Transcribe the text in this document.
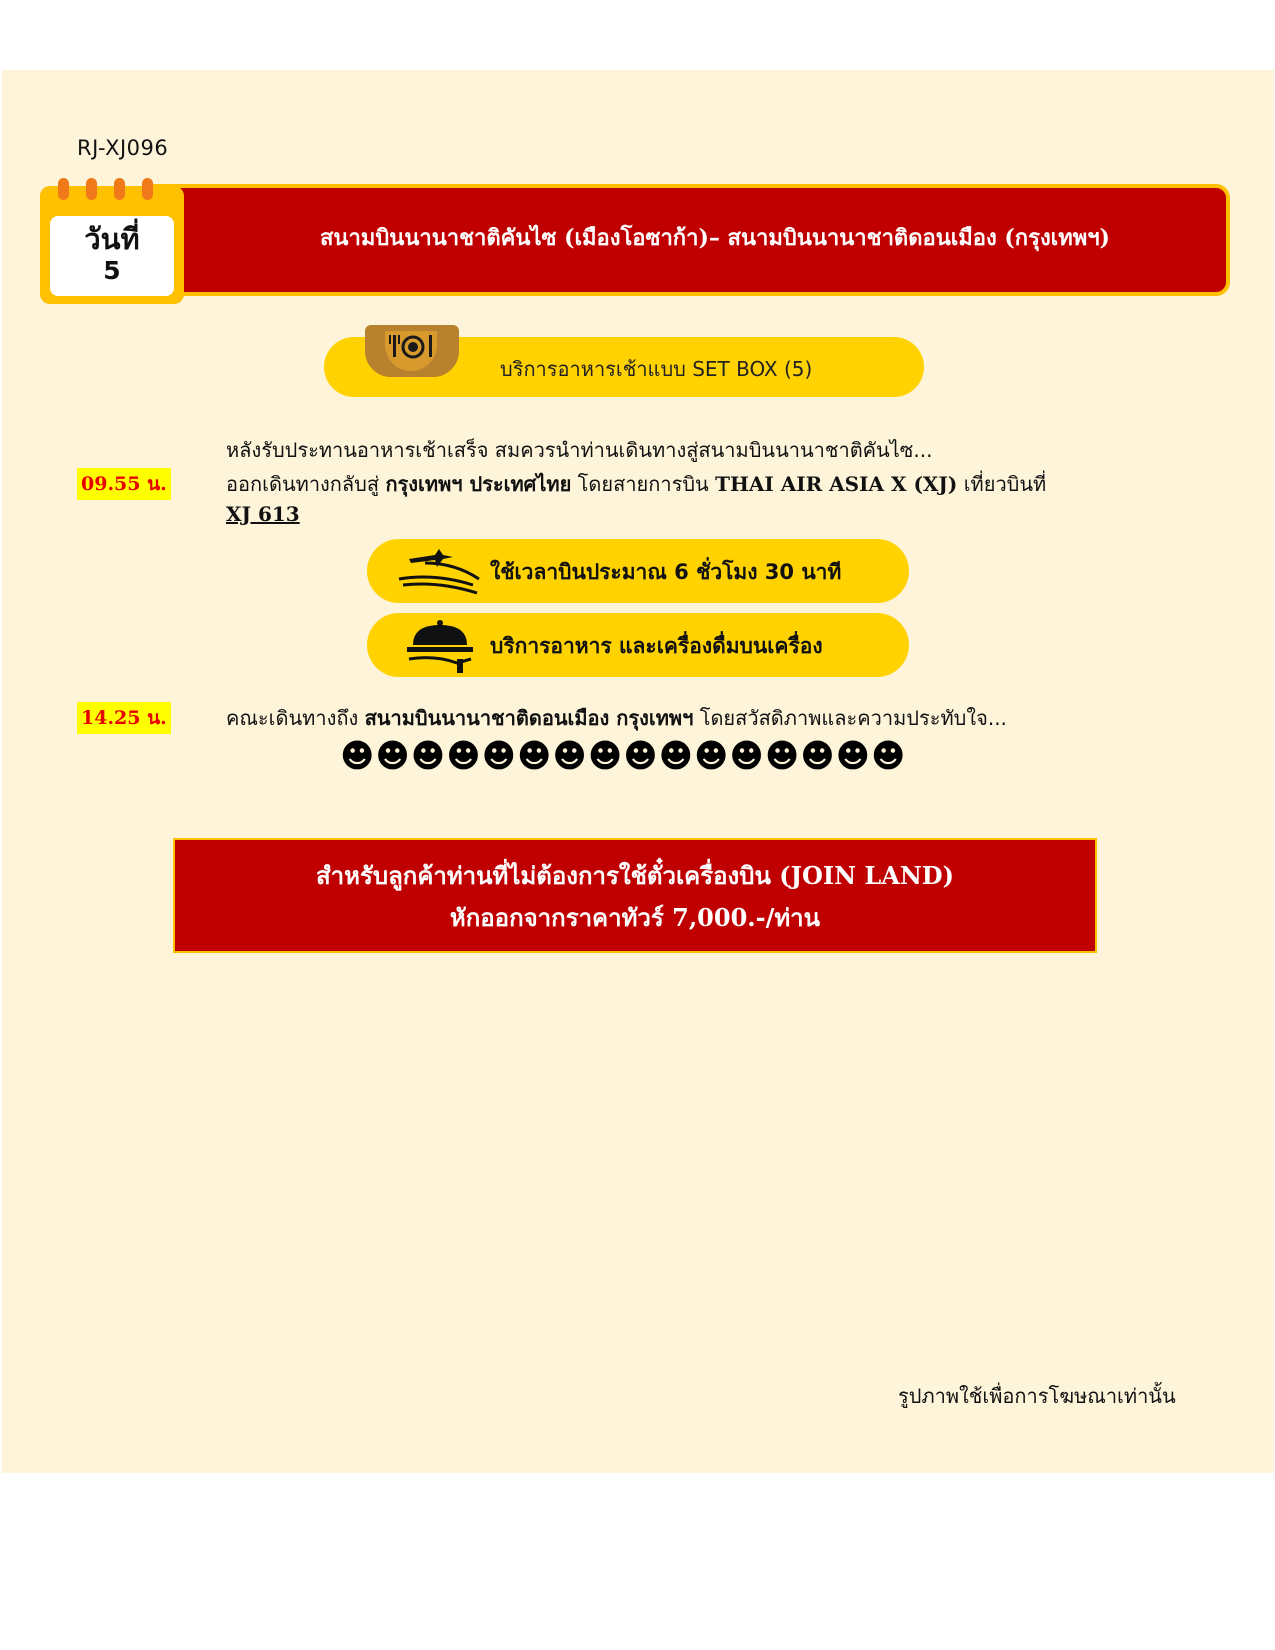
RJ-XJ096
สนามบินนานาชาติคันไซ (เมืองโอซาก้า)– สนามบินนานาชาติดอนเมือง (กรุงเทพฯ)
วันที่
5
บริการอาหารเช้าแบบ SET BOX (5)
หลังรับประทานอาหารเช้าเสร็จ สมควรนำท่านเดินทางสู่สนามบินนานาชาติคันไซ...
09.55 น.	ออกเดินทางกลับสู่ กรุงเทพฯ ประเทศไทย โดยสายการบิน THAI AIR ASIA X (XJ) เที่ยวบินที่
XJ 613
ใช้เวลาบินประมาณ 6 ชั่วโมง 30 นาที
บริการอาหาร และเครื่องดื่มบนเครื่อง
14.25 น.	คณะเดินทางถึง สนามบินนานาชาติดอนเมือง กรุงเทพฯ โดยสวัสดิภาพและความประทับใจ...
☻☻☻☻☻☻☻☻☻☻☻☻☻☻☻☻
สำหรับลูกค้าท่านที่ไม่ต้องการใช้ตั๋วเครื่องบิน (JOIN LAND)
หักออกจากราคาทัวร์ 7,000.-/ท่าน
รูปภาพใช้เพื่อการโฆษณาเท่านั้น
